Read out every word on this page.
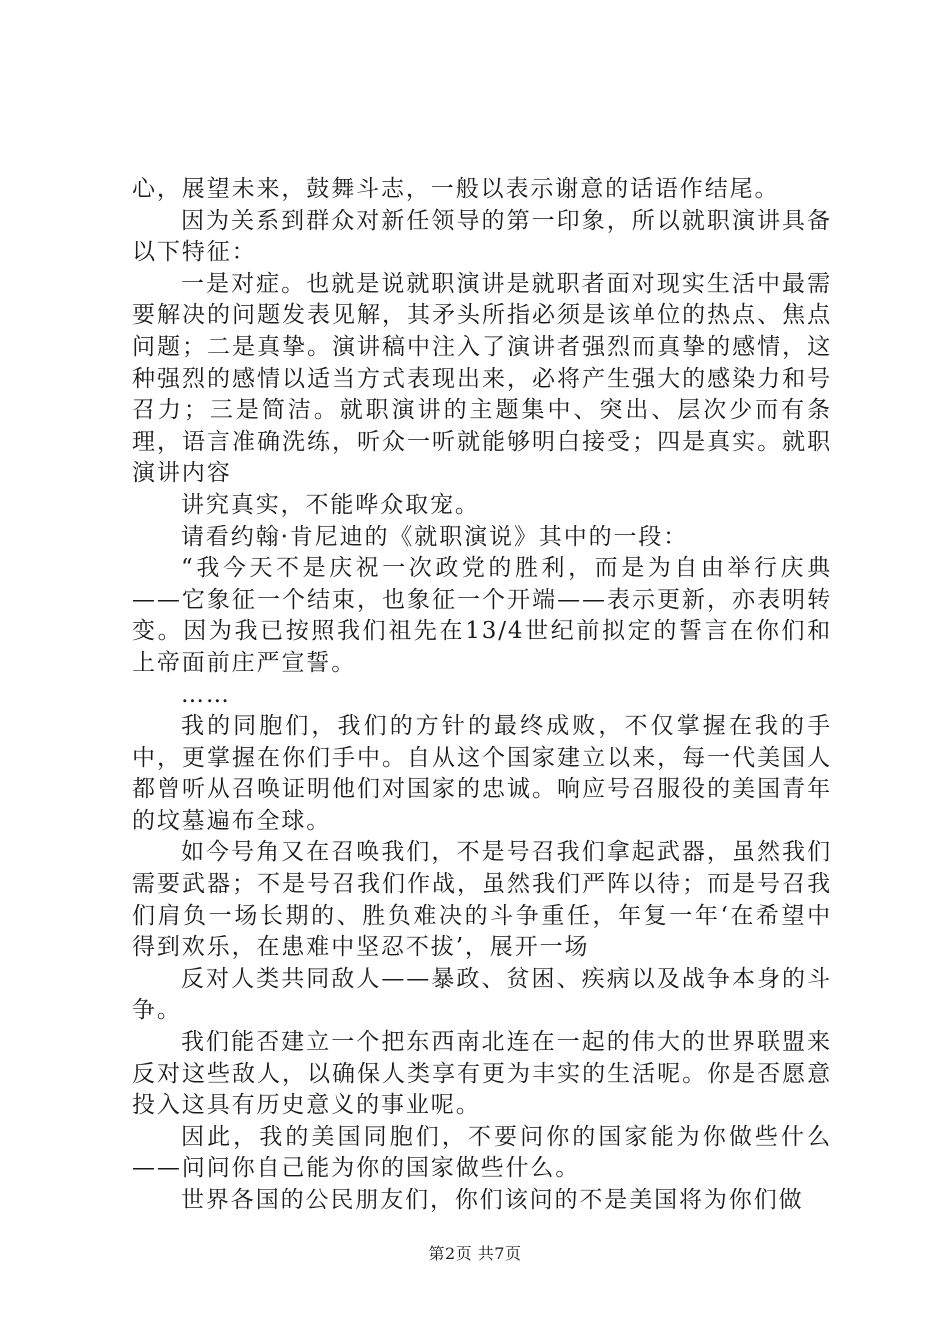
心，展望未来，鼓舞斗志，一般以表示谢意的话语作结尾。

因为关系到群众对新任领导的第一印象，所以就职演讲具备以下特征：

一是对症。也就是说就职演讲是就职者面对现实生活中最需要解决的问题发表见解，其矛头所指必须是该单位的热点、焦点问题；二是真挚。演讲稿中注入了演讲者强烈而真挚的感情，这种强烈的感情以适当方式表现出来，必将产生强大的感染力和号召力；三是简洁。就职演讲的主题集中、突出、层次少而有条理，语言准确洗练，听众一听就能够明白接受；四是真实。就职演讲内容

讲究真实，不能哗众取宠。

请看约翰·肯尼迪的《就职演说》其中的一段：

“我今天不是庆祝一次政党的胜利，而是为自由举行庆典——它象征一个结束，也象征一个开端——表示更新，亦表明转变。因为我已按照我们祖先在13/4世纪前拟定的誓言在你们和上帝面前庄严宣誓。

……

我的同胞们，我们的方针的最终成败，不仅掌握在我的手中，更掌握在你们手中。自从这个国家建立以来，每一代美国人都曾听从召唤证明他们对国家的忠诚。响应号召服役的美国青年的坟墓遍布全球。

如今号角又在召唤我们，不是号召我们拿起武器，虽然我们需要武器；不是号召我们作战，虽然我们严阵以待；而是号召我们肩负一场长期的、胜负难决的斗争重任，年复一年‘在希望中得到欢乐，在患难中坚忍不拔’，展开一场

反对人类共同敌人——暴政、贫困、疾病以及战争本身的斗争。

我们能否建立一个把东西南北连在一起的伟大的世界联盟来反对这些敌人，以确保人类享有更为丰实的生活呢。你是否愿意投入这具有历史意义的事业呢。

因此，我的美国同胞们，不要问你的国家能为你做些什么——问问你自己能为你的国家做些什么。

世界各国的公民朋友们，你们该问的不是美国将为你们做

第2页 共7页
